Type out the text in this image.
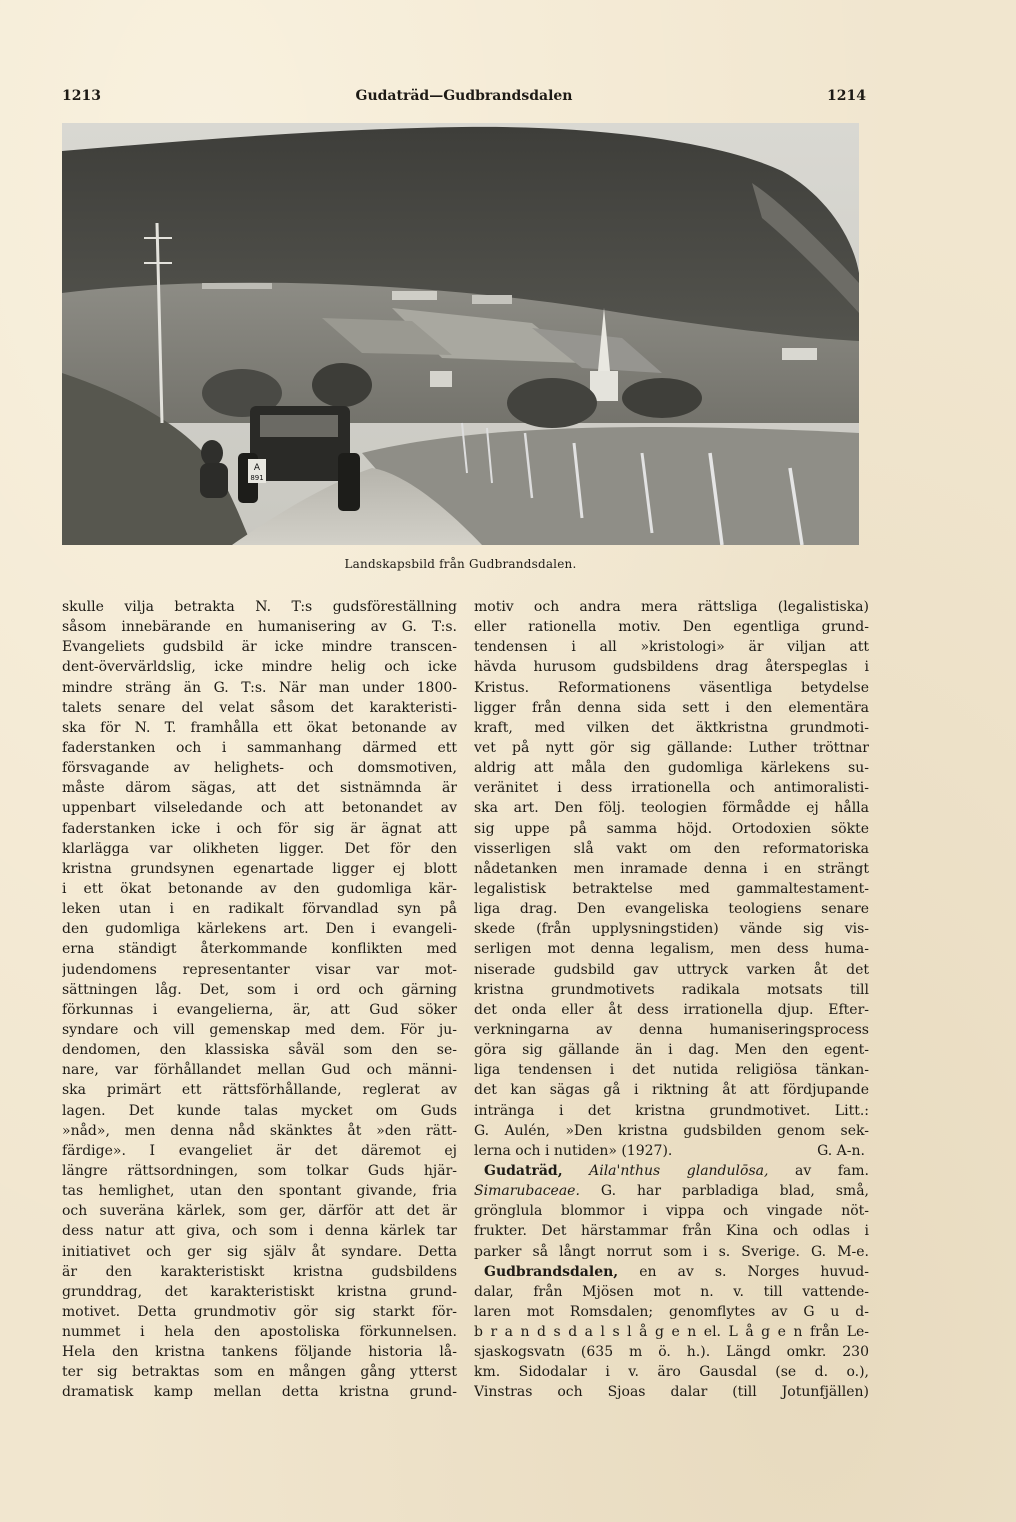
1213	Gudaträd—Gudbrandsdalen	1214
A
891
Landskapsbild från Gudbrandsdalen.
skulle vilja betrakta N. T:s gudsföreställning
såsom innebärande en humanisering av G. T:s.
Evangeliets gudsbild är icke mindre transcen-
dent-övervärldslig, icke mindre helig och icke
mindre sträng än G. T:s. När man under 1800-
talets senare del velat såsom det karakteristi-
ska för N. T. framhålla ett ökat betonande av
faderstanken och i sammanhang därmed ett
försvagande av helighets- och domsmotiven,
måste därom sägas, att det sistnämnda är
uppenbart vilseledande och att betonandet av
faderstanken icke i och för sig är ägnat att
klarlägga var olikheten ligger. Det för den
kristna grundsynen egenartade ligger ej blott
i ett ökat betonande av den gudomliga kär-
leken utan i en radikalt förvandlad syn på
den gudomliga kärlekens art. Den i evangeli-
erna ständigt återkommande konflikten med
judendomens representanter visar var mot-
sättningen låg. Det, som i ord och gärning
förkunnas i evangelierna, är, att Gud söker
syndare och vill gemenskap med dem. För ju-
dendomen, den klassiska såväl som den se-
nare, var förhållandet mellan Gud och männi-
ska primärt ett rättsförhållande, reglerat av
lagen. Det kunde talas mycket om Guds
»nåd», men denna nåd skänktes åt »den rätt-
färdige». I evangeliet är det däremot ej
längre rättsordningen, som tolkar Guds hjär-
tas hemlighet, utan den spontant givande, fria
och suveräna kärlek, som ger, därför att det är
dess natur att giva, och som i denna kärlek tar
initiativet och ger sig själv åt syndare. Detta
är den karakteristiskt kristna gudsbildens
grunddrag, det karakteristiskt kristna grund-
motivet. Detta grundmotiv gör sig starkt för-
nummet i hela den apostoliska förkunnelsen.
Hela den kristna tankens följande historia lå-
ter sig betraktas som en mången gång ytterst
dramatisk kamp mellan detta kristna grund-
motiv och andra mera rättsliga (legalistiska)
eller rationella motiv. Den egentliga grund-
tendensen i all »kristologi» är viljan att
hävda hurusom gudsbildens drag återspeglas i
Kristus. Reformationens väsentliga betydelse
ligger från denna sida sett i den elementära
kraft, med vilken det äktkristna grundmoti-
vet på nytt gör sig gällande: Luther tröttnar
aldrig att måla den gudomliga kärlekens su-
veränitet i dess irrationella och antimoralisti-
ska art. Den följ. teologien förmådde ej hålla
sig uppe på samma höjd. Ortodoxien sökte
visserligen slå vakt om den reformatoriska
nådetanken men inramade denna i en strängt
legalistisk betraktelse med gammaltestament-
liga drag. Den evangeliska teologiens senare
skede (från upplysningstiden) vände sig vis-
serligen mot denna legalism, men dess huma-
niserade gudsbild gav uttryck varken åt det
kristna grundmotivets radikala motsats till
det onda eller åt dess irrationella djup. Efter-
verkningarna av denna humaniseringsprocess
göra sig gällande än i dag. Men den egent-
liga tendensen i det nutida religiösa tänkan-
det kan sägas gå i riktning åt att fördjupande
intränga i det kristna grundmotivet. Litt.:
G. Aulén, »Den kristna gudsbilden genom sek-
lerna och i nutiden» (1927).	G. A-n.
Gudaträd, Aila'nthus glandulōsa, av fam.
Simarubaceae. G. har parbladiga blad, små,
grönglula blommor i vippa och vingade nöt-
frukter. Det härstammar från Kina och odlas i
parker så långt norrut som i s. Sverige. G. M-e.
Gudbrandsdalen, en av s. Norges huvud-
dalar, från Mjösen mot n. v. till vattende-
laren mot Romsdalen; genomflytes av G u d-
b r a n d s d a l s l å g e n el. L å g e n från Le-
sjaskogsvatn (635 m ö. h.). Längd omkr. 230
km. Sidodalar i v. äro Gausdal (se d. o.),
Vinstras och Sjoas dalar (till Jotunfjällen)
